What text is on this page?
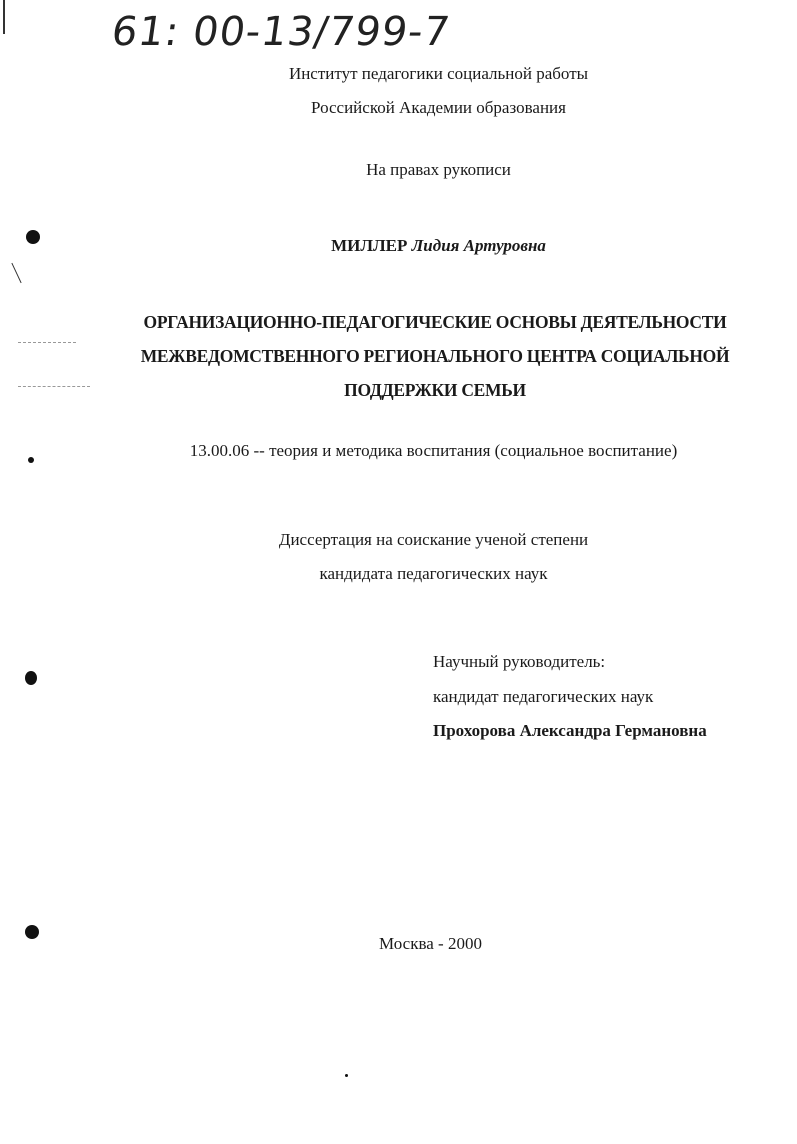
61: 00-13/799-7
Институт педагогики социальной работы
Российской Академии образования
На правах рукописи
МИЛЛЕР Лидия Артуровна
ОРГАНИЗАЦИОННО-ПЕДАГОГИЧЕСКИЕ ОСНОВЫ ДЕЯТЕЛЬНОСТИ
МЕЖВЕДОМСТВЕННОГО РЕГИОНАЛЬНОГО ЦЕНТРА СОЦИАЛЬНОЙ
ПОДДЕРЖКИ СЕМЬИ
13.00.06 -- теория и методика воспитания (социальное воспитание)
Диссертация на соискание ученой степени
кандидата педагогических наук
Научный руководитель:
кандидат педагогических наук
Прохорова Александра Германовна
Москва - 2000
